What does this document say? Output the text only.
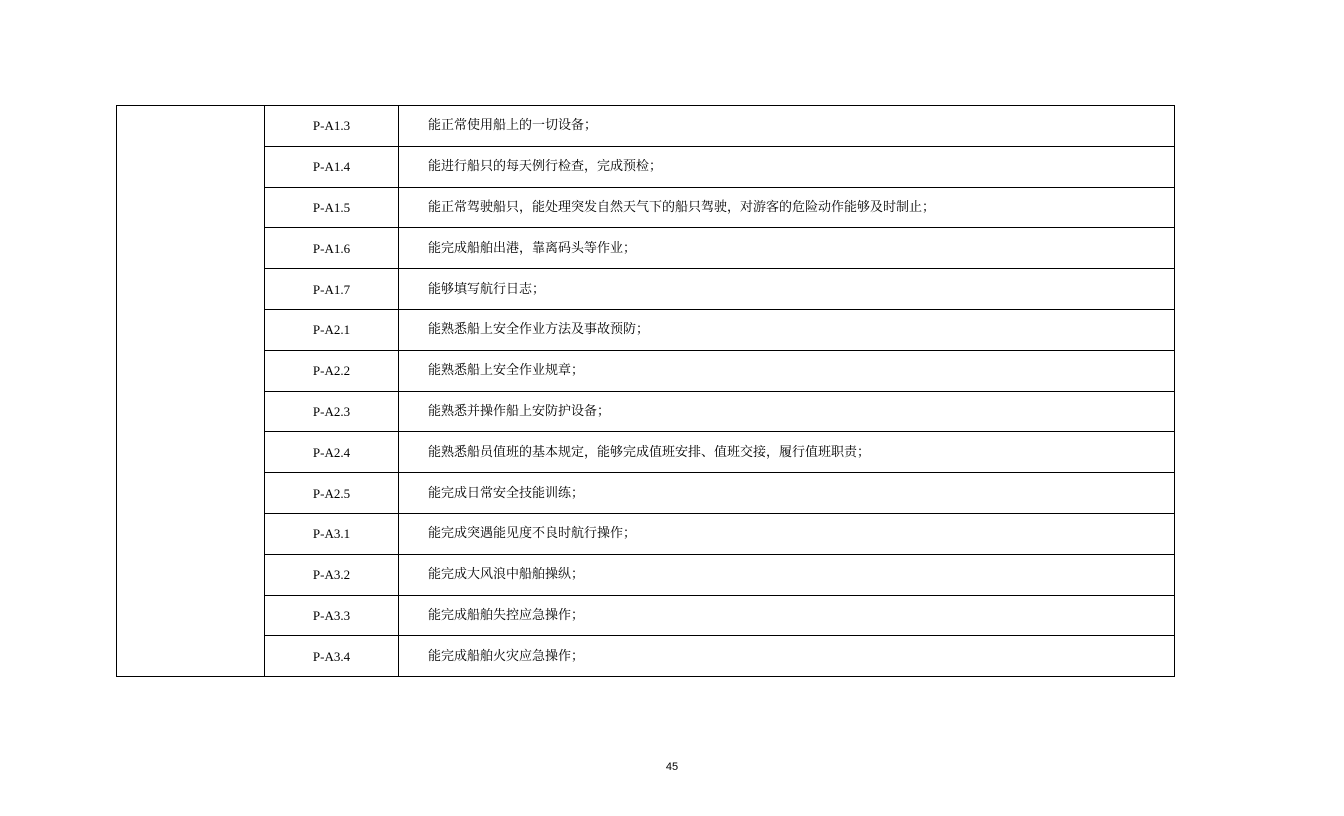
	P-A1.3	能正常使用船上的一切设备；
	P-A1.4	能进行船只的每天例行检查，完成预检；
	P-A1.5	能正常驾驶船只，能处理突发自然天气下的船只驾驶，对游客的危险动作能够及时制止；
	P-A1.6	能完成船舶出港，靠离码头等作业；
	P-A1.7	能够填写航行日志；
	P-A2.1	能熟悉船上安全作业方法及事故预防；
	P-A2.2	能熟悉船上安全作业规章；
	P-A2.3	能熟悉并操作船上安防护设备；
	P-A2.4	能熟悉船员值班的基本规定，能够完成值班安排、值班交接，履行值班职责；
	P-A2.5	能完成日常安全技能训练；
	P-A3.1	能完成突遇能见度不良时航行操作；
	P-A3.2	能完成大风浪中船舶操纵；
	P-A3.3	能完成船舶失控应急操作；
	P-A3.4	能完成船舶火灾应急操作；
45
